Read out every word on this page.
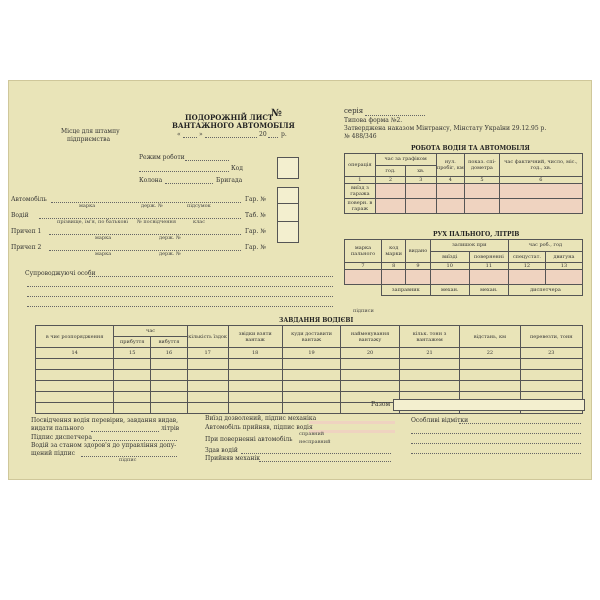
ПОДОРОЖНІЙ ЛИСТ
№
ВАНТАЖНОГО АВТОМОБІЛЯ
«	»	20 р.
Місце для штампу
підприємства
серія
Типова форма №2.
Затверджена наказом Мінтрансу, Мінстату України 29.12.95 р.
№ 488/346
Режим роботи
Код
Колона	Бригада
Автомобіль
марка	держ. №	підсумок
Гар. №
Водій
прізвище, ім'я, по батькові № посвідчення	клас
Таб. №
Причеп 1
марка	держ. №
Гар. №
Причеп 2
марка	держ. №
Гар. №
Супроводжуючі особи
РОБОТА ВОДІЯ ТА АВТОМОБІЛЯ
операція	час за графіком		нул. пробіг, км	показ. спі-дометра	час фактичний, число, міс., год., хв.
	год.	хв.			
1	2	3	4	5	6
виїзд з гаража					
поверн. в гараж					
РУХ ПАЛЬНОГО, ЛІТРІВ
марка пального	код марки	видано	залишок при		час роб., год	
			виїзді	поверненні	спецустат.	двигуна
7	8	9	10	11	12	13

	заправник		механ.	механ.	диспетчера	
підписи
ЗАВДАННЯ ВОДІЄВІ
в чиє розпорядження	час		кількість їздок	звідки взяти вантаж	куди доставити вантаж	найменування вантажу	кільк. тонн з вантажем	відстань, км	перевезти, тонн
	прибуття	вибуття							
14	15	16	17	18	19	20	21	22	23

Разом
Посвідчення водія перевірив, завдання видав,
видати пального	літрів
Підпис диспетчера
Водій за станом здоров'я до управління допу-
щений підпис
підпис
Виїзд дозволений, підпис механіка
Автомобіль прийняв, підпис водія
При поверненні автомобіль
справний
несправний
Здав водій
Прийняв механік
Особливі відмітки
